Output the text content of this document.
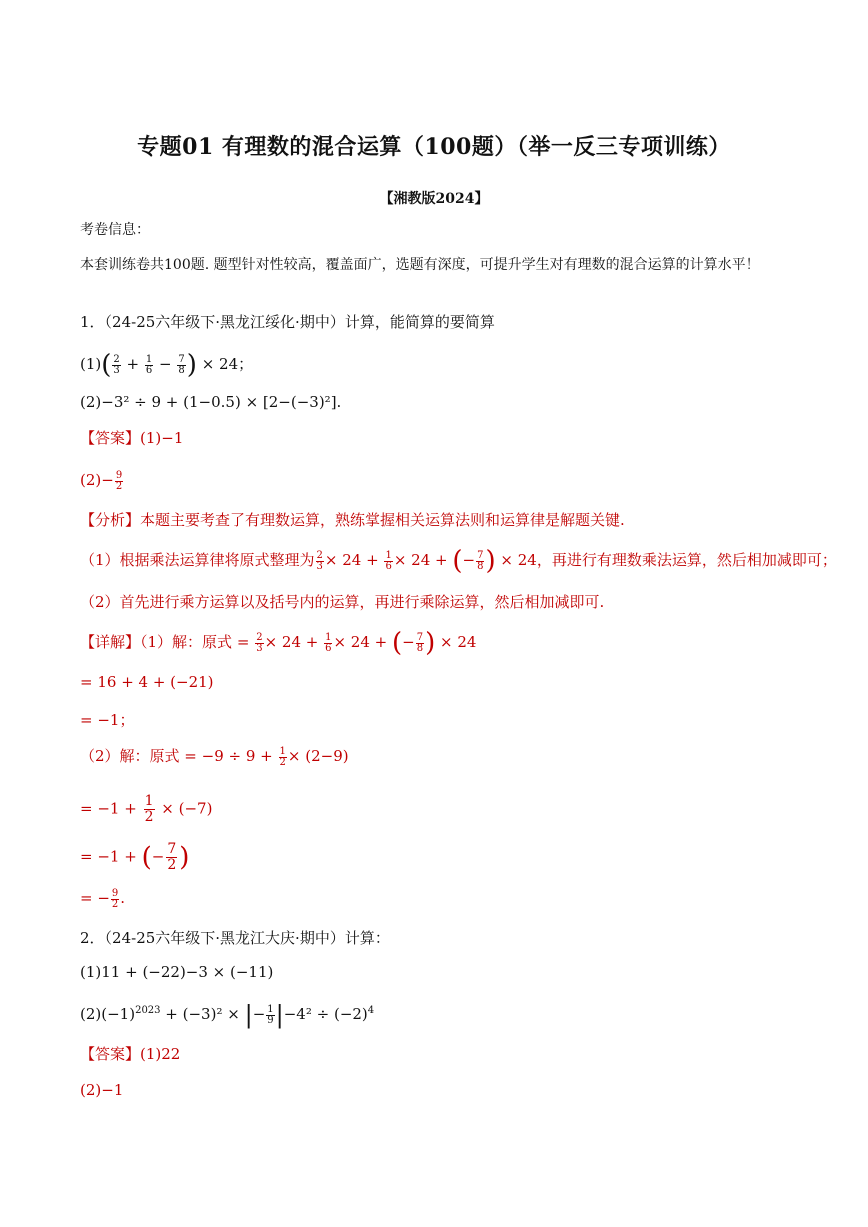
专题01 有理数的混合运算（100题）（举一反三专项训练）
【湘教版2024】
考卷信息：
本套训练卷共100题. 题型针对性较高，覆盖面广，选题有深度，可提升学生对有理数的混合运算的计算水平！
1．（24-25六年级下·黑龙江绥化·期中）计算，能简算的要简算
$(1)( \frac{2}{3} + \frac{1}{6} - \frac{7}{8}$ ) × 24；
(2)−3² ÷ 9 + (1−0.5) × [2−(−3)²].
【答案】(1)−1
$(2)- \frac{9}{2}$
【分析】本题主要考查了有理数运算，熟练掌握相关运算法则和运算律是解题关键.
（1）根据乘法运算律将原式整理为 $\frac{2}{3} \times 24 + \frac{1}{6} \times 24$ + (− $\frac{7}{8}$ ) × 24，再进行有理数乘法运算，然后相加减即可；
（2）首先进行乘方运算以及括号内的运算，再进行乘除运算，然后相加减即可.
【详解】（1）解：原式 = $\frac{2}{3} \times 24 + \frac{1}{6} \times 24$ + (− $\frac{7}{8}$ ) × 24
= 16 + 4 + (−21)
= −1；
（2）解：原式 = $-9 \div 9 + \frac{1}{2} \times (2-9)$
= $-1 + \frac{1}{2} \times (-7)$
= −1 + (− $\frac{7}{2}$ )
= − $\frac{9}{2}$ .
2．（24-25六年级下·黑龙江大庆·期中）计算：
(1)11 + (−22)−3 × (−11)
$(2)(-1)^{2023} + (-3)^2$ × |− $\frac{1}{9} |-4^2 \div (-2)^4$
【答案】(1)22
(2)−1
